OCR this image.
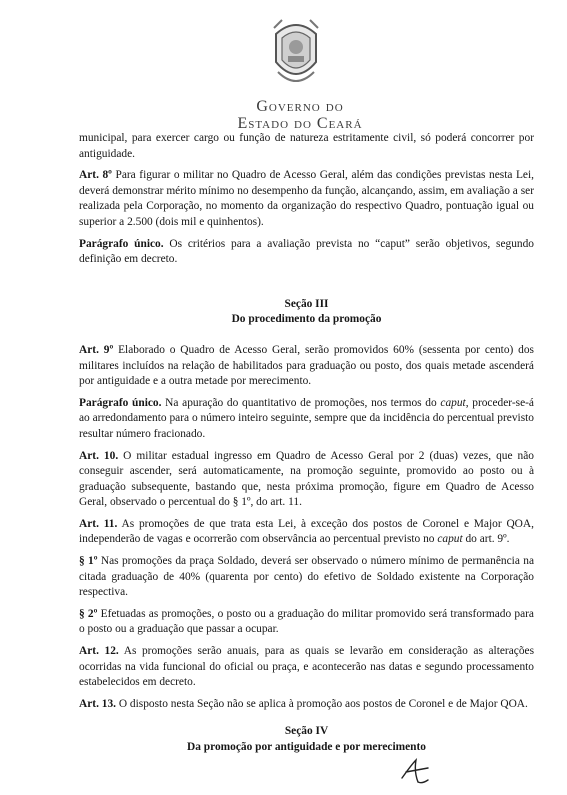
Governo do
Estado do Ceará

municipal, para exercer cargo ou função de natureza estritamente civil, só poderá concorrer por antiguidade.

Art. 8º Para figurar o militar no Quadro de Acesso Geral, além das condições previstas nesta Lei, deverá demonstrar mérito mínimo no desempenho da função, alcançando, assim, em avaliação a ser realizada pela Corporação, no momento da organização do respectivo Quadro, pontuação igual ou superior a 2.500 (dois mil e quinhentos).

Parágrafo único. Os critérios para a avaliação prevista no “caput” serão objetivos, segundo definição em decreto.

Seção III

Do procedimento da promoção

Art. 9º Elaborado o Quadro de Acesso Geral, serão promovidos 60% (sessenta por cento) dos militares incluídos na relação de habilitados para graduação ou posto, dos quais metade ascenderá por antiguidade e a outra metade por merecimento.

Parágrafo único. Na apuração do quantitativo de promoções, nos termos do caput, proceder-se-á ao arredondamento para o número inteiro seguinte, sempre que da incidência do percentual previsto resultar número fracionado.

Art. 10. O militar estadual ingresso em Quadro de Acesso Geral por 2 (duas) vezes, que não conseguir ascender, será automaticamente, na promoção seguinte, promovido ao posto ou à graduação subsequente, bastando que, nesta próxima promoção, figure em Quadro de Acesso Geral, observado o percentual do § 1º, do art. 11.

Art. 11. As promoções de que trata esta Lei, à exceção dos postos de Coronel e Major QOA, independerão de vagas e ocorrerão com observância ao percentual previsto no caput do art. 9º.

§ 1º Nas promoções da praça Soldado, deverá ser observado o número mínimo de permanência na citada graduação de 40% (quarenta por cento) do efetivo de Soldado existente na Corporação respectiva.

§ 2º Efetuadas as promoções, o posto ou a graduação do militar promovido será transformado para o posto ou a graduação que passar a ocupar.

Art. 12. As promoções serão anuais, para as quais se levarão em consideração as alterações ocorridas na vida funcional do oficial ou praça, e acontecerão nas datas e segundo processamento estabelecidos em decreto.

Art. 13. O disposto nesta Seção não se aplica à promoção aos postos de Coronel e de Major QOA.

Seção IV

Da promoção por antiguidade e por merecimento
